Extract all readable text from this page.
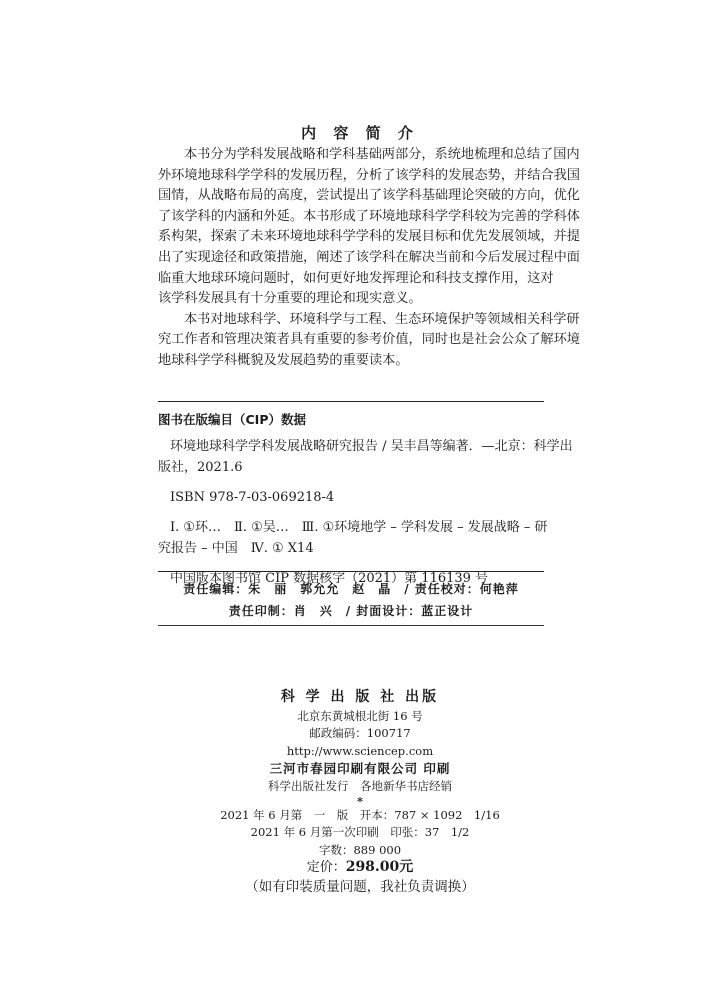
内 容 简 介

本书分为学科发展战略和学科基础两部分，系统地梳理和总结了国内
外环境地球科学学科的发展历程，分析了该学科的发展态势，并结合我国
国情，从战略布局的高度，尝试提出了该学科基础理论突破的方向，优化
了该学科的内涵和外延。本书形成了环境地球科学学科较为完善的学科体
系构架，探索了未来环境地球科学学科的发展目标和优先发展领域，并提
出了实现途径和政策措施，阐述了该学科在解决当前和今后发展过程中面
临重大地球环境问题时，如何更好地发挥理论和科技支撑作用，这对
该学科发展具有十分重要的理论和现实意义。

本书对地球科学、环境科学与工程、生态环境保护等领域相关科学研
究工作者和管理决策者具有重要的参考价值，同时也是社会公众了解环境
地球科学学科概貌及发展趋势的重要读本。

图书在版编目（CIP）数据

环境地球科学学科发展战略研究报告 / 吴丰昌等编著．—北京：科学出

版社，2021.6

ISBN 978-7-03-069218-4

Ⅰ. ①环…　Ⅱ. ①吴…　Ⅲ. ①环境地学 – 学科发展 – 发展战略 – 研

究报告 – 中国　Ⅳ. ① X14

中国版本图书馆 CIP 数据核字（2021）第 116139 号

责任编辑：朱　丽　郭允允　赵　晶　/ 责任校对：何艳萍
责任印制：肖　兴　/ 封面设计：蓝正设计
科 学 出 版 社 出版
北京东黄城根北街 16 号
邮政编码：100717
http://www.sciencep.com
三河市春园印刷有限公司 印刷
科学出版社发行　各地新华书店经销
*
2021 年 6 月第　一　版　开本：787 × 1092　1/16
2021 年 6 月第一次印刷　印张：37　1/2
字数：889 000
定价：298.00元
（如有印装质量问题，我社负责调换）
